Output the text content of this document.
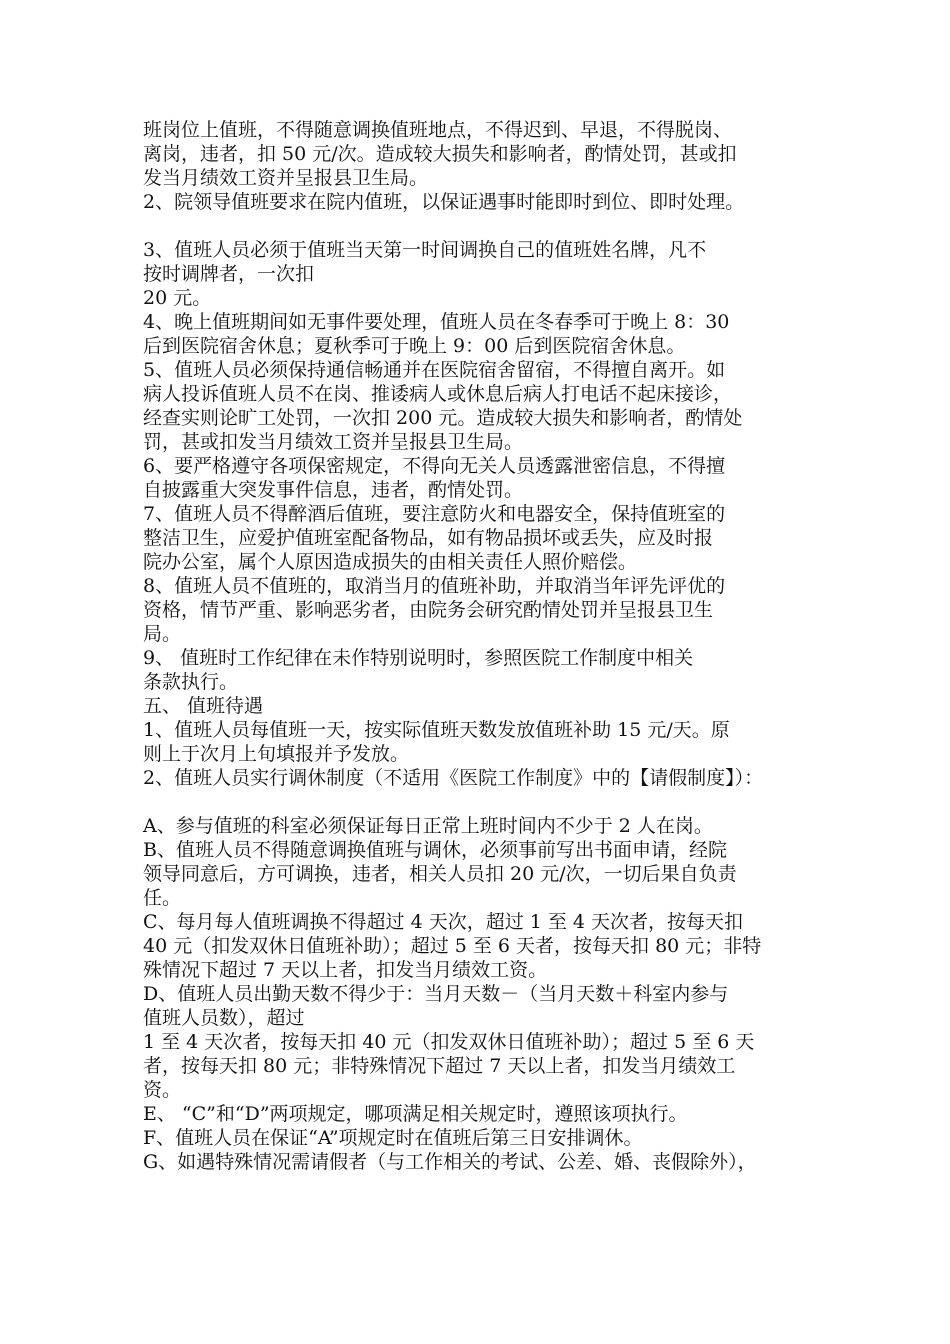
班岗位上值班，不得随意调换值班地点，不得迟到、早退，不得脱岗、
离岗，违者，扣 50 元/次。造成较大损失和影响者，酌情处罚，甚或扣
发当月绩效工资并呈报县卫生局。
2、院领导值班要求在院内值班，以保证遇事时能即时到位、即时处理。
3、值班人员必须于值班当天第一时间调换自己的值班姓名牌，凡不
按时调牌者，一次扣
20 元。
4、晚上值班期间如无事件要处理，值班人员在冬春季可于晚上 8：30
后到医院宿舍休息；夏秋季可于晚上 9：00 后到医院宿舍休息。
5、值班人员必须保持通信畅通并在医院宿舍留宿，不得擅自离开。如
病人投诉值班人员不在岗、推诿病人或休息后病人打电话不起床接诊，
经查实则论旷工处罚，一次扣 200 元。造成较大损失和影响者，酌情处
罚，甚或扣发当月绩效工资并呈报县卫生局。
6、要严格遵守各项保密规定，不得向无关人员透露泄密信息，不得擅
自披露重大突发事件信息，违者，酌情处罚。
7、值班人员不得醉酒后值班，要注意防火和电器安全，保持值班室的
整洁卫生，应爱护值班室配备物品，如有物品损坏或丢失，应及时报
院办公室，属个人原因造成损失的由相关责任人照价赔偿。
8、值班人员不值班的，取消当月的值班补助，并取消当年评先评优的
资格，情节严重、影响恶劣者，由院务会研究酌情处罚并呈报县卫生
局。
9、 值班时工作纪律在未作特别说明时，参照医院工作制度中相关
条款执行。
五、 值班待遇
1、值班人员每值班一天，按实际值班天数发放值班补助 15 元/天。原
则上于次月上旬填报并予发放。
2、值班人员实行调休制度（不适用《医院工作制度》中的【请假制度】）：
A、参与值班的科室必须保证每日正常上班时间内不少于 2 人在岗。
B、值班人员不得随意调换值班与调休，必须事前写出书面申请，经院
领导同意后，方可调换，违者，相关人员扣 20 元/次，一切后果自负责
任。
C、每月每人值班调换不得超过 4 天次，超过 1 至 4 天次者，按每天扣
40 元（扣发双休日值班补助）；超过 5 至 6 天者，按每天扣 80 元；非特
殊情况下超过 7 天以上者，扣发当月绩效工资。
D、值班人员出勤天数不得少于：当月天数－（当月天数＋科室内参与
值班人员数），超过
1 至 4 天次者，按每天扣 40 元（扣发双休日值班补助）；超过 5 至 6 天
者，按每天扣 80 元；非特殊情况下超过 7 天以上者，扣发当月绩效工
资。
E、 “C”和“D”两项规定，哪项满足相关规定时，遵照该项执行。
F、值班人员在保证“A”项规定时在值班后第三日安排调休。
G、如遇特殊情况需请假者（与工作相关的考试、公差、婚、丧假除外），
